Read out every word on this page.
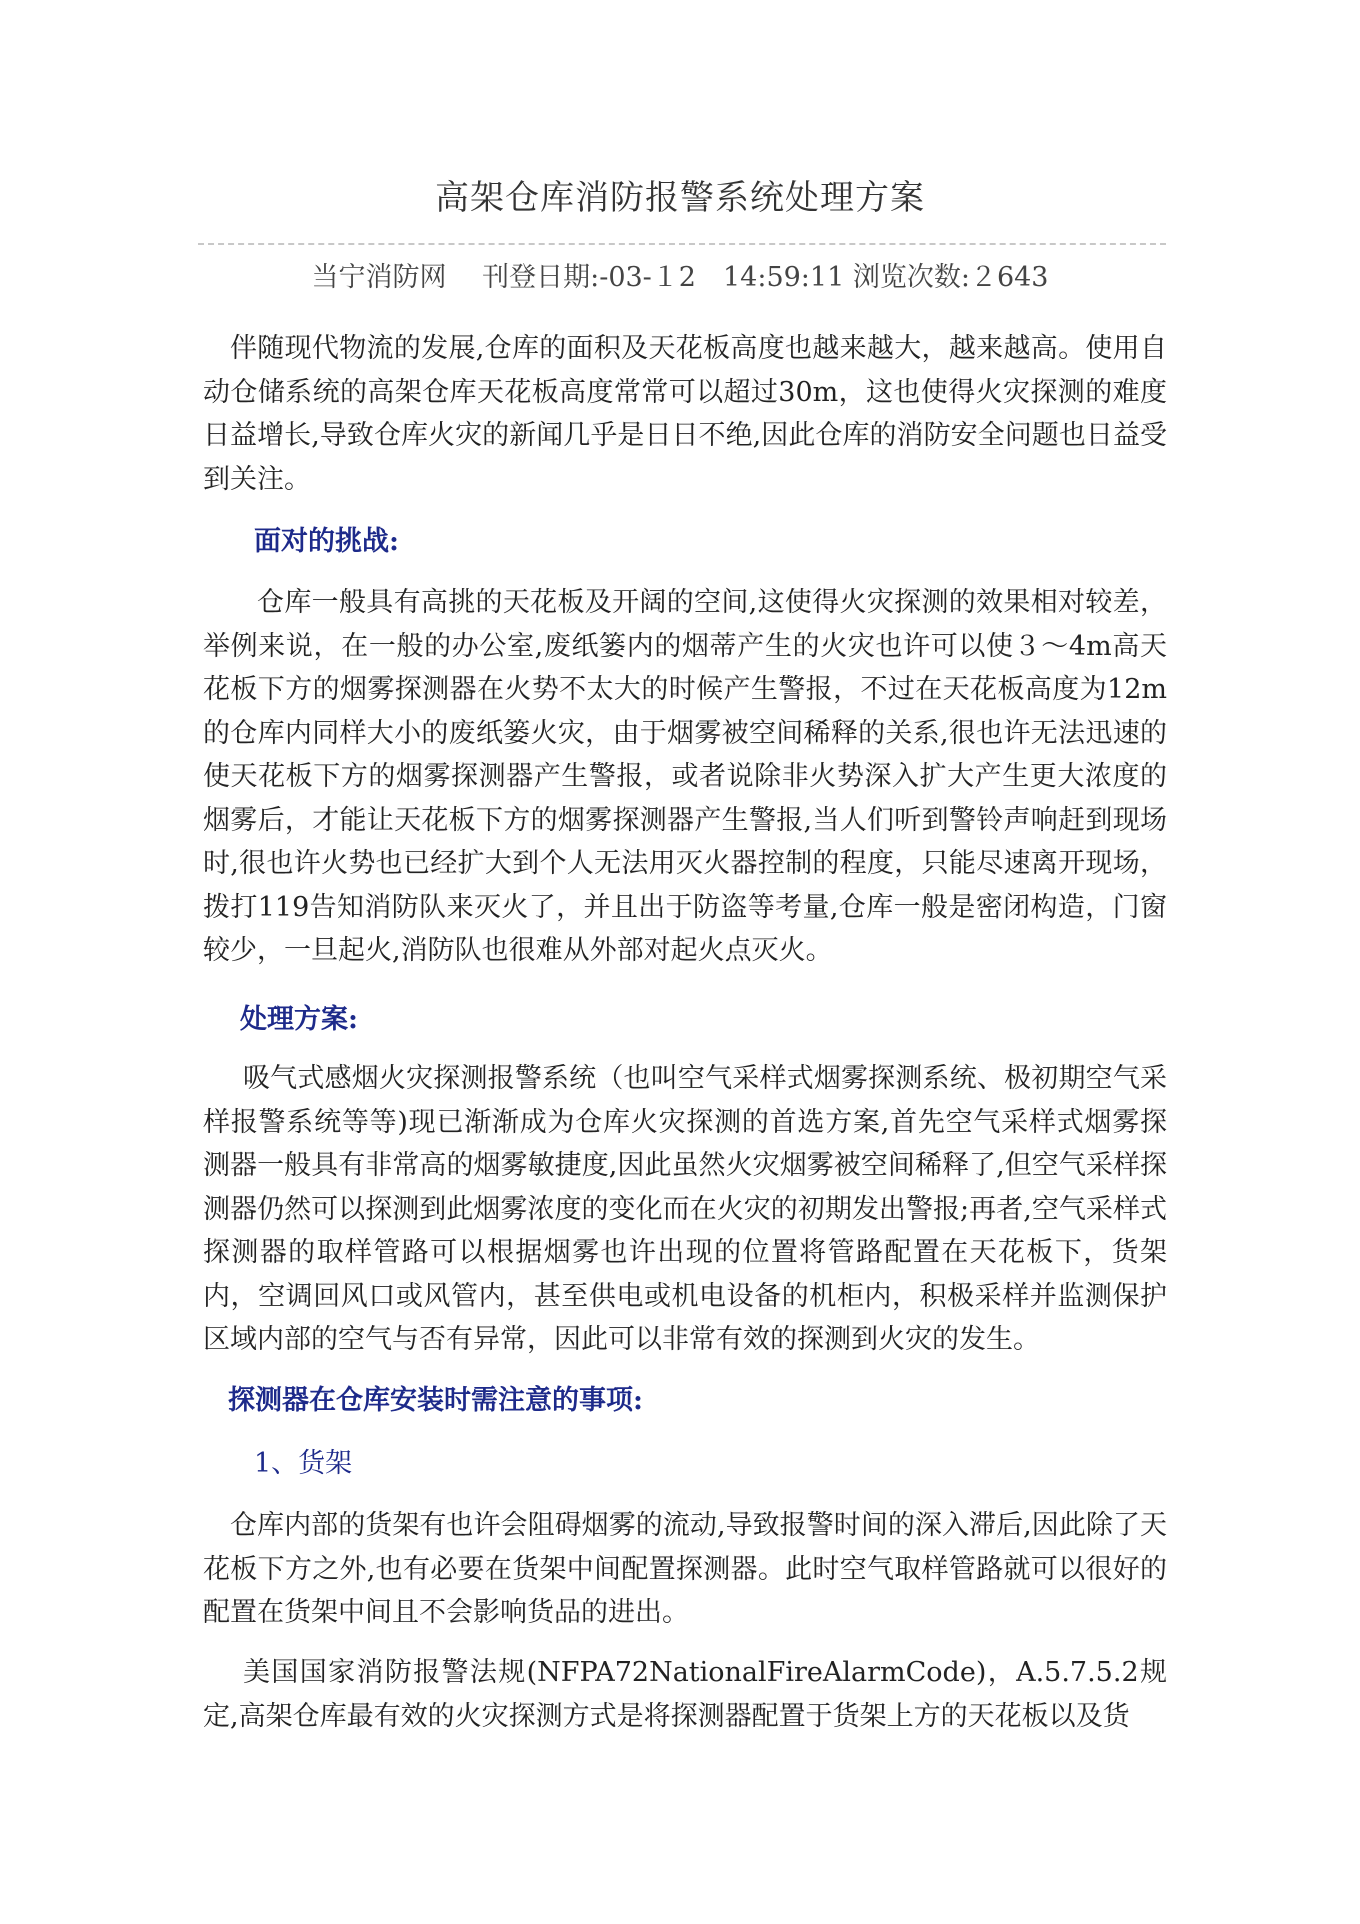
高架仓库消防报警系统处理方案
当宁消防网　 刊登日期:-03-１2　14:59:11 浏览次数:２643

伴随现代物流的发展,仓库的面积及天花板高度也越来越大，越来越高。使用自动仓储系统的高架仓库天花板高度常常可以超过30m，这也使得火灾探测的难度日益增长,导致仓库火灾的新闻几乎是日日不绝,因此仓库的消防安全问题也日益受到关注。

面对的挑战:

仓库一般具有高挑的天花板及开阔的空间,这使得火灾探测的效果相对较差，举例来说，在一般的办公室,废纸篓内的烟蒂产生的火灾也许可以使３～4m高天花板下方的烟雾探测器在火势不太大的时候产生警报，不过在天花板高度为12m的仓库内同样大小的废纸篓火灾，由于烟雾被空间稀释的关系,很也许无法迅速的使天花板下方的烟雾探测器产生警报，或者说除非火势深入扩大产生更大浓度的烟雾后，才能让天花板下方的烟雾探测器产生警报,当人们听到警铃声响赶到现场时,很也许火势也已经扩大到个人无法用灭火器控制的程度，只能尽速离开现场，拨打119告知消防队来灭火了，并且出于防盗等考量,仓库一般是密闭构造，门窗较少，一旦起火,消防队也很难从外部对起火点灭火。

处理方案:

吸气式感烟火灾探测报警系统（也叫空气采样式烟雾探测系统、极初期空气采样报警系统等等)现已渐渐成为仓库火灾探测的首选方案,首先空气采样式烟雾探测器一般具有非常高的烟雾敏捷度,因此虽然火灾烟雾被空间稀释了,但空气采样探测器仍然可以探测到此烟雾浓度的变化而在火灾的初期发出警报;再者,空气采样式探测器的取样管路可以根据烟雾也许出现的位置将管路配置在天花板下，货架内，空调回风口或风管内，甚至供电或机电设备的机柜内，积极采样并监测保护区域内部的空气与否有异常，因此可以非常有效的探测到火灾的发生。

探测器在仓库安装时需注意的事项:
1、货架

仓库内部的货架有也许会阻碍烟雾的流动,导致报警时间的深入滞后,因此除了天花板下方之外,也有必要在货架中间配置探测器。此时空气取样管路就可以很好的配置在货架中间且不会影响货品的进出。

美国国家消防报警法规(NFPA72NationalFireAlarmCode)，A.5.7.5.2规定,高架仓库最有效的火灾探测方式是将探测器配置于货架上方的天花板以及货
